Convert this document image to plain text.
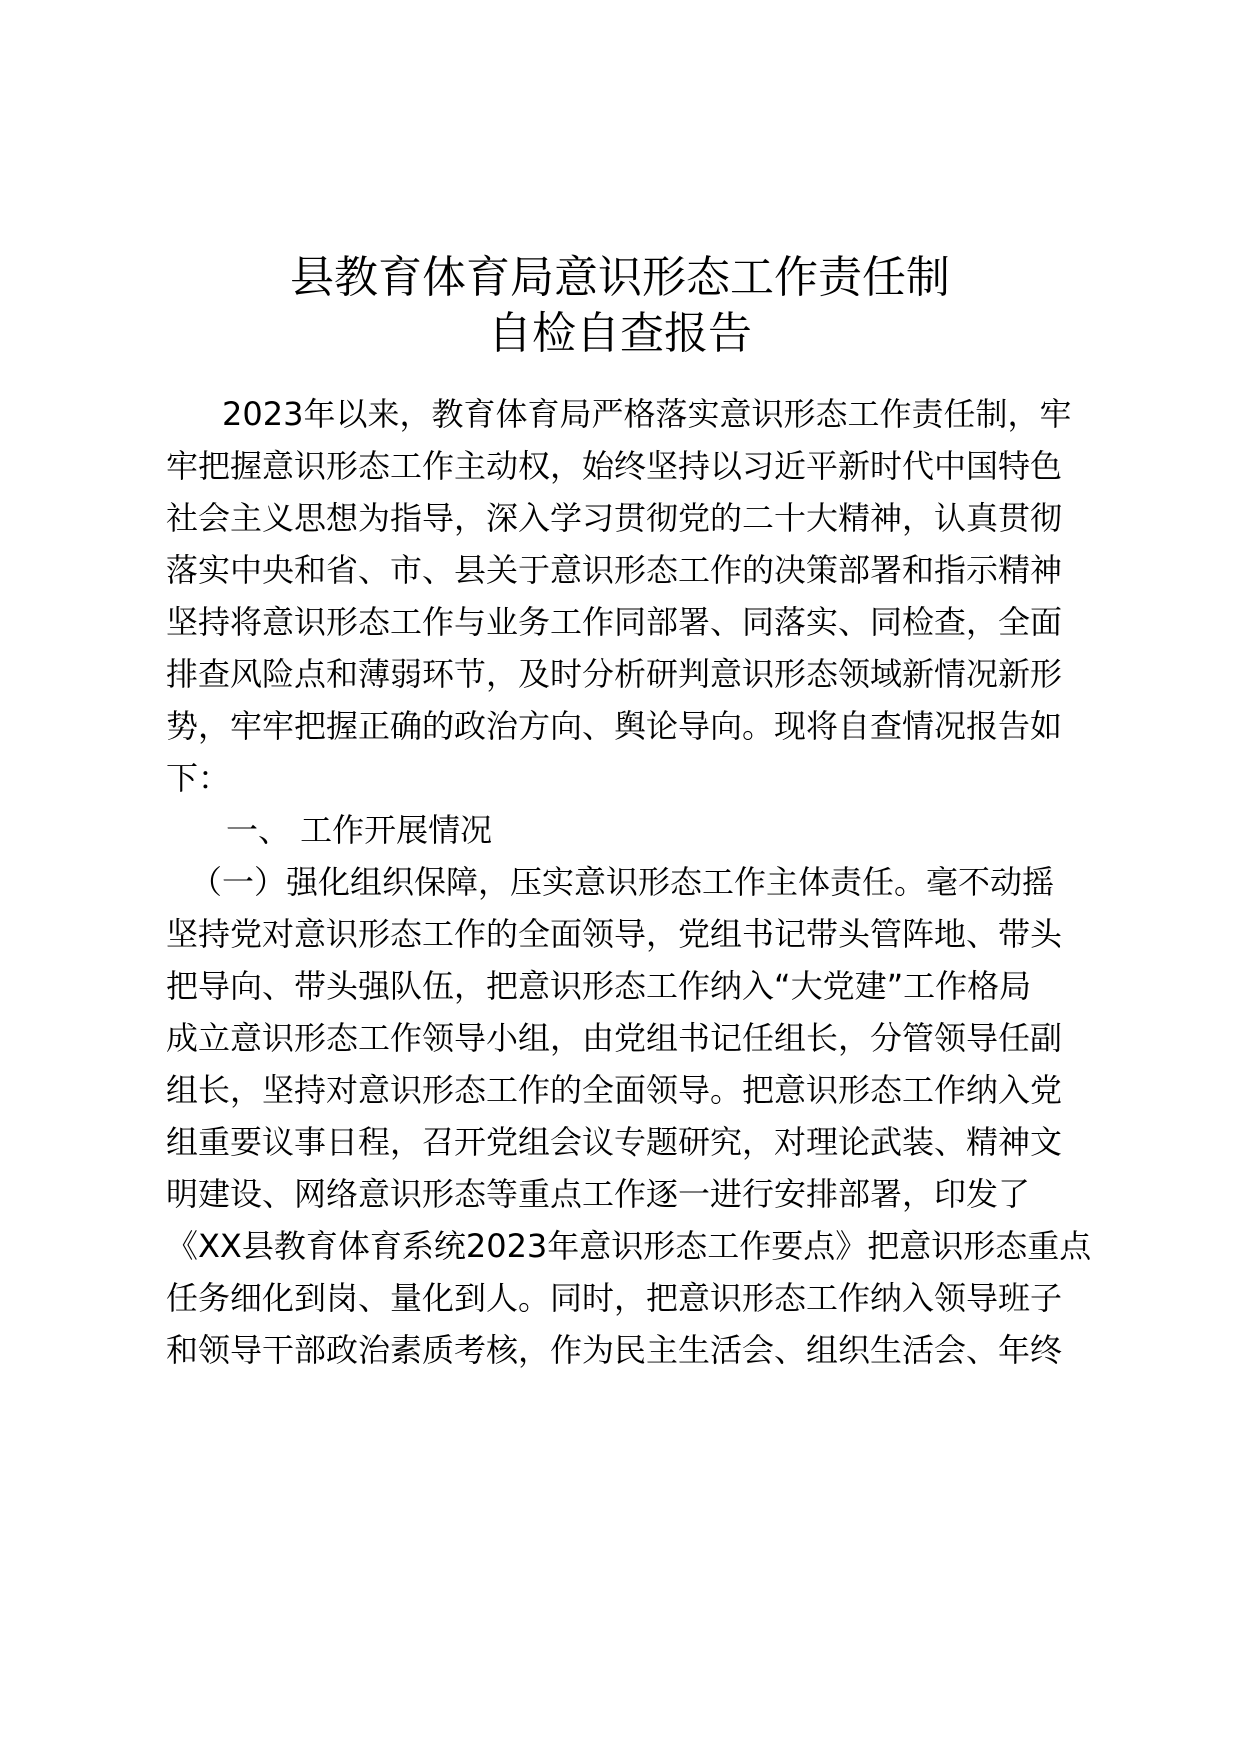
县教育体育局意识形态工作责任制
自检自查报告
2023年以来，教育体育局严格落实意识形态工作责任制，牢
牢把握意识形态工作主动权，始终坚持以习近平新时代中国特色
社会主义思想为指导，深入学习贯彻党的二十大精神，认真贯彻
落实中央和省、市、县关于意识形态工作的决策部署和指示精神
坚持将意识形态工作与业务工作同部署、同落实、同检查，全面
排查风险点和薄弱环节，及时分析研判意识形态领域新情况新形
势，牢牢把握正确的政治方向、舆论导向。现将自查情况报告如
下：
一、 工作开展情况
（一）强化组织保障，压实意识形态工作主体责任。毫不动摇
坚持党对意识形态工作的全面领导，党组书记带头管阵地、带头
把导向、带头强队伍，把意识形态工作纳入“大党建”工作格局
成立意识形态工作领导小组，由党组书记任组长，分管领导任副
组长，坚持对意识形态工作的全面领导。把意识形态工作纳入党
组重要议事日程，召开党组会议专题研究，对理论武装、精神文
明建设、网络意识形态等重点工作逐一进行安排部署，印发了
《XX县教育体育系统2023年意识形态工作要点》把意识形态重点
任务细化到岗、量化到人。同时，把意识形态工作纳入领导班子
和领导干部政治素质考核，作为民主生活会、组织生活会、年终
